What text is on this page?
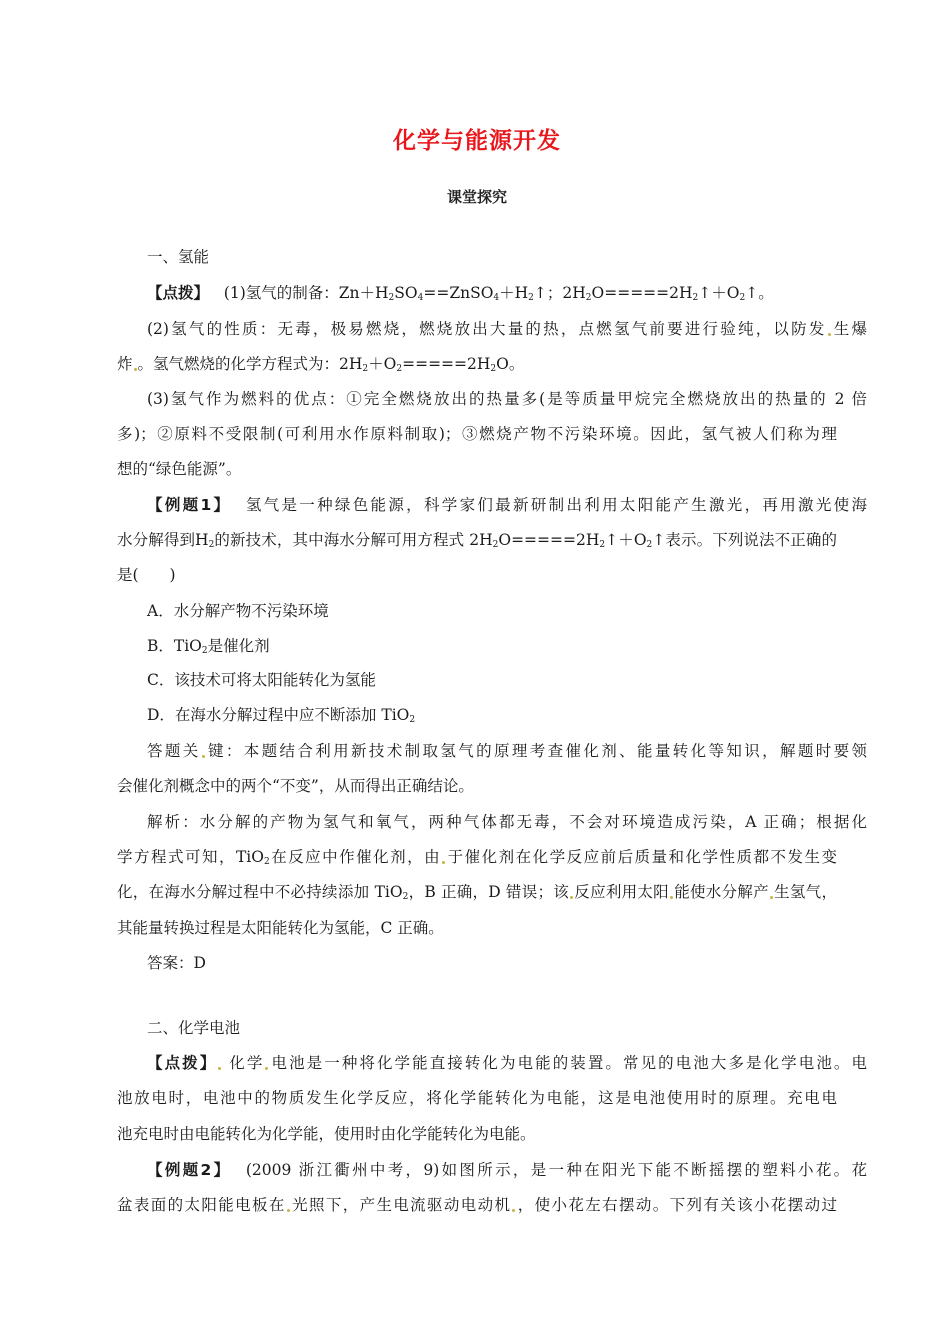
化学与能源开发
课堂探究
一、氢能
【点拨】   (1)氢气的制备：$Zn+H_2SO_4==ZnSO_4+H_2↑$；$2H_2O=====2H_2↑+O_2↑$。
(2)氢气的性质：无毒，极易燃烧，燃烧放出大量的热，点燃氢气前要进行验纯，以防发 生爆
炸 。氢气燃烧的化学方程式为：$2H_2+O_2=====2H_2O$。
(3)氢气作为燃料的优点：①完全燃烧放出的热量多(是等质量甲烷完全燃烧放出的热量的 2 倍
多)；②原料不受限制(可利用水作原料制取)；③燃烧产物不污染环境。因此，氢气被人们称为理
想的“绿色能源”。
【例题1】  氢气是一种绿色能源，科学家们最新研制出利用太阳能产生激光，再用激光使海
水分解得到$H_2$的新技术，其中海水分解可用方程式 $2H_2O=====2H_2↑+O_2↑$表示。下列说法不正确的
是(　　)
A．水分解产物不污染环境
B．TiO$_2$是催化剂
C．该技术可将太阳能转化为氢能
D．在海水分解过程中应不断添加 TiO$_2$
答题关 键：本题结合利用新技术制取氢气的原理考查催化剂、能量转化等知识，解题时要领
会催化剂概念中的两个“不变”，从而得出正确结论。
解析：水分解的产物为氢气和氧气，两种气体都无毒，不会对环境造成污染，A 正确；根据化
学方程式可知，TiO$_2$在反应中作催化剂，由 于催化剂在化学反应前后质量和化学性质都不发生变
化，在海水分解过程中不必持续添加 TiO$_2$，B 正确，D 错误；该 反应利用太阳 能使水分解产 生氢气，
其能量转换过程是太阳能转化为氢能，C 正确。
答案：D
二、化学电池
【点拨】 化学 电池是一种将化学能直接转化为电能的装置。常见的电池大多是化学电池。电
池放电时，电池中的物质发生化学反应，将化学能转化为电能，这是电池使用时的原理。充电电
池充电时由电能转化为化学能，使用时由化学能转化为电能。
【例题2】  (2009 浙江衢州中考，9)如图所示，是一种在阳光下能不断摇摆的塑料小花。花
盆表面的太阳能电板在 光照下，产生电流驱动电动机 ，使小花左右摆动。下列有关该小花摆动过
